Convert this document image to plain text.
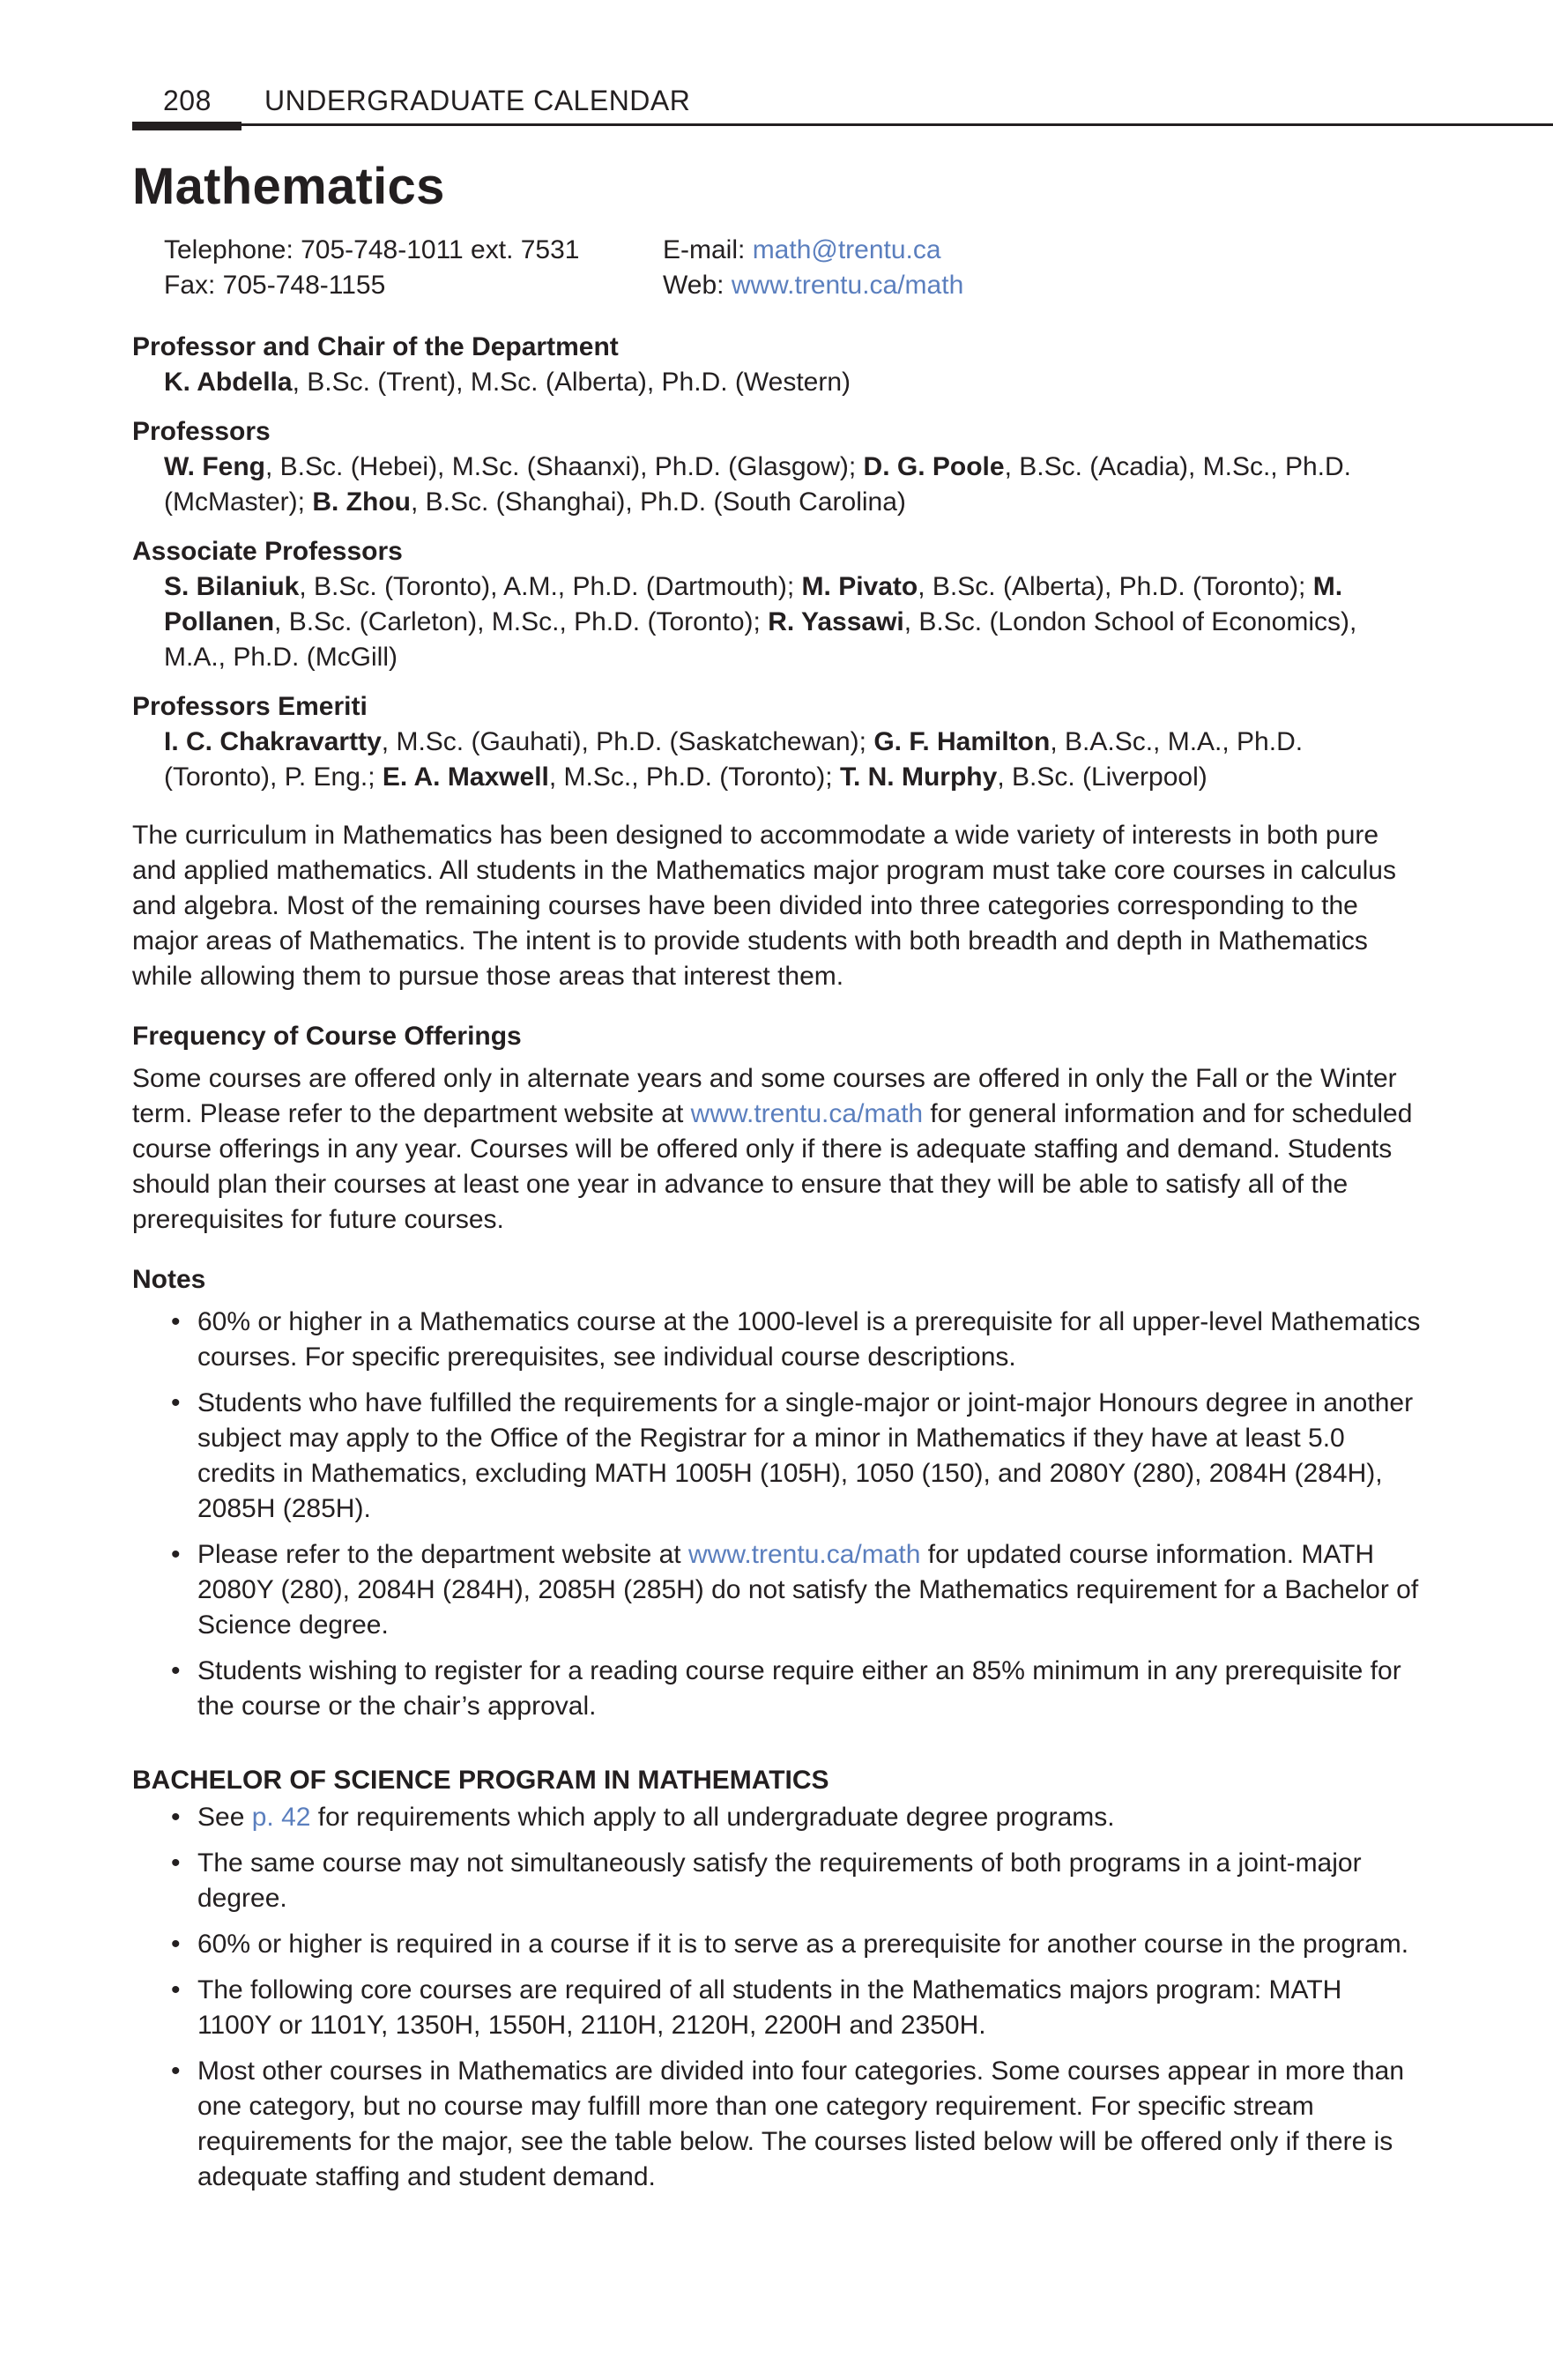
208 UNDERGRADUATE CALENDAR
Mathematics
Telephone: 705-748-1011 ext. 7531	E-mail: math@trentu.ca
Fax: 705-748-1155	Web: www.trentu.ca/math

Professor and Chair of the Department

K. Abdella, B.Sc. (Trent), M.Sc. (Alberta), Ph.D. (Western)

Professors

W. Feng, B.Sc. (Hebei), M.Sc. (Shaanxi), Ph.D. (Glasgow); D. G. Poole, B.Sc. (Acadia), M.Sc., Ph.D. (McMaster); B. Zhou, B.Sc. (Shanghai), Ph.D. (South Carolina)

Associate Professors

S. Bilaniuk, B.Sc. (Toronto), A.M., Ph.D. (Dartmouth); M. Pivato, B.Sc. (Alberta), Ph.D. (Toronto); M. Pollanen, B.Sc. (Carleton), M.Sc., Ph.D. (Toronto); R. Yassawi, B.Sc. (London School of Economics), M.A., Ph.D. (McGill)

Professors Emeriti

I. C. Chakravartty, M.Sc. (Gauhati), Ph.D. (Saskatchewan); G. F. Hamilton, B.A.Sc., M.A., Ph.D. (Toronto), P. Eng.; E. A. Maxwell, M.Sc., Ph.D. (Toronto); T. N. Murphy, B.Sc. (Liverpool)

The curriculum in Mathematics has been designed to accommodate a wide variety of interests in both pure and applied mathematics. All students in the Mathematics major program must take core courses in calculus and algebra. Most of the remaining courses have been divided into three categories corresponding to the major areas of Mathematics. The intent is to provide students with both breadth and depth in Mathematics while allowing them to pursue those areas that interest them.

Frequency of Course Offerings

Some courses are offered only in alternate years and some courses are offered in only the Fall or the Winter term. Please refer to the department website at www.trentu.ca/math for general information and for scheduled course offerings in any year. Courses will be offered only if there is adequate staffing and demand. Students should plan their courses at least one year in advance to ensure that they will be able to satisfy all of the prerequisites for future courses.

Notes

• 60% or higher in a Mathematics course at the 1000-level is a prerequisite for all upper-level Mathematics courses. For specific prerequisites, see individual course descriptions.
• Students who have fulfilled the requirements for a single-major or joint-major Honours degree in another subject may apply to the Office of the Registrar for a minor in Mathematics if they have at least 5.0 credits in Mathematics, excluding MATH 1005H (105H), 1050 (150), and 2080Y (280), 2084H (284H), 2085H (285H).
• Please refer to the department website at www.trentu.ca/math for updated course information. MATH 2080Y (280), 2084H (284H), 2085H (285H) do not satisfy the Mathematics requirement for a Bachelor of Science degree.
• Students wishing to register for a reading course require either an 85% minimum in any prerequisite for the course or the chair’s approval.

BACHELOR OF SCIENCE PROGRAM IN MATHEMATICS

• See p. 42 for requirements which apply to all undergraduate degree programs.
• The same course may not simultaneously satisfy the requirements of both programs in a joint-major degree.
• 60% or higher is required in a course if it is to serve as a prerequisite for another course in the program.
• The following core courses are required of all students in the Mathematics majors program: MATH 1100Y or 1101Y, 1350H, 1550H, 2110H, 2120H, 2200H and 2350H.
• Most other courses in Mathematics are divided into four categories. Some courses appear in more than one category, but no course may fulfill more than one category requirement. For specific stream requirements for the major, see the table below. The courses listed below will be offered only if there is adequate staffing and student demand.
